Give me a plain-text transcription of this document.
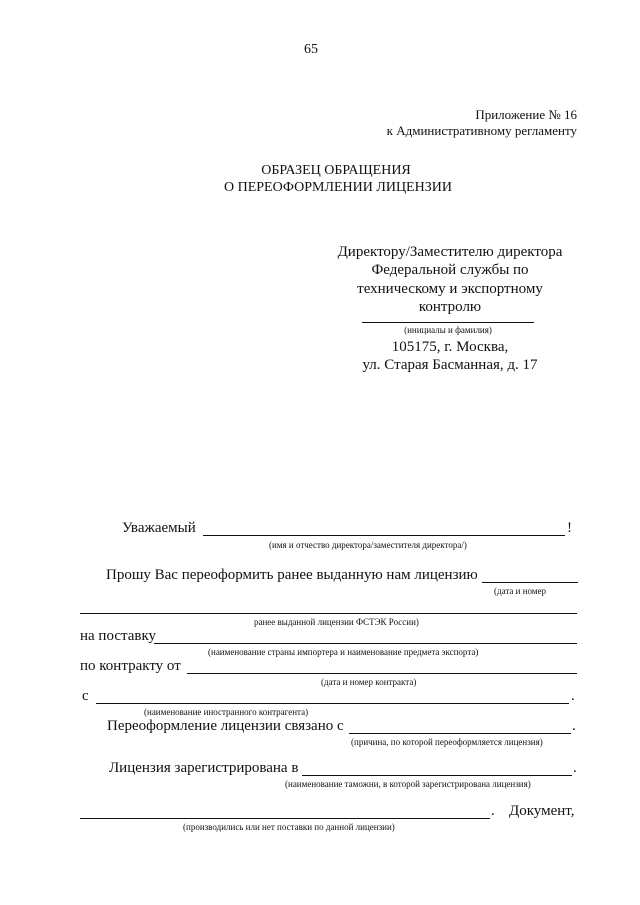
65
Приложение № 16
к Административному регламенту
ОБРАЗЕЦ ОБРАЩЕНИЯ
О ПЕРЕОФОРМЛЕНИИ ЛИЦЕНЗИИ
Директору/Заместителю директора
Федеральной службы по
техническому и экспортному
контролю
(инициалы и фамилия)
105175, г. Москва,
ул. Старая Басманная, д. 17
Уважаемый	!
(имя и отчество директора/заместителя директора/)
Прошу Вас переоформить ранее выданную нам лицензию
(дата и номер
ранее выданной лицензии ФСТЭК России)
на поставку
(наименование страны импортера и наименование предмета экспорта)
по контракту от
(дата и номер контракта)
с	.
(наименование иностранного контрагента)
Переоформление лицензии связано с	.
(причина, по которой переоформляется лицензия)
Лицензия зарегистрирована в	.
(наименование таможни, в которой зарегистрирована лицензия)
. Документ,
(производились или нет поставки по данной лицензии)
